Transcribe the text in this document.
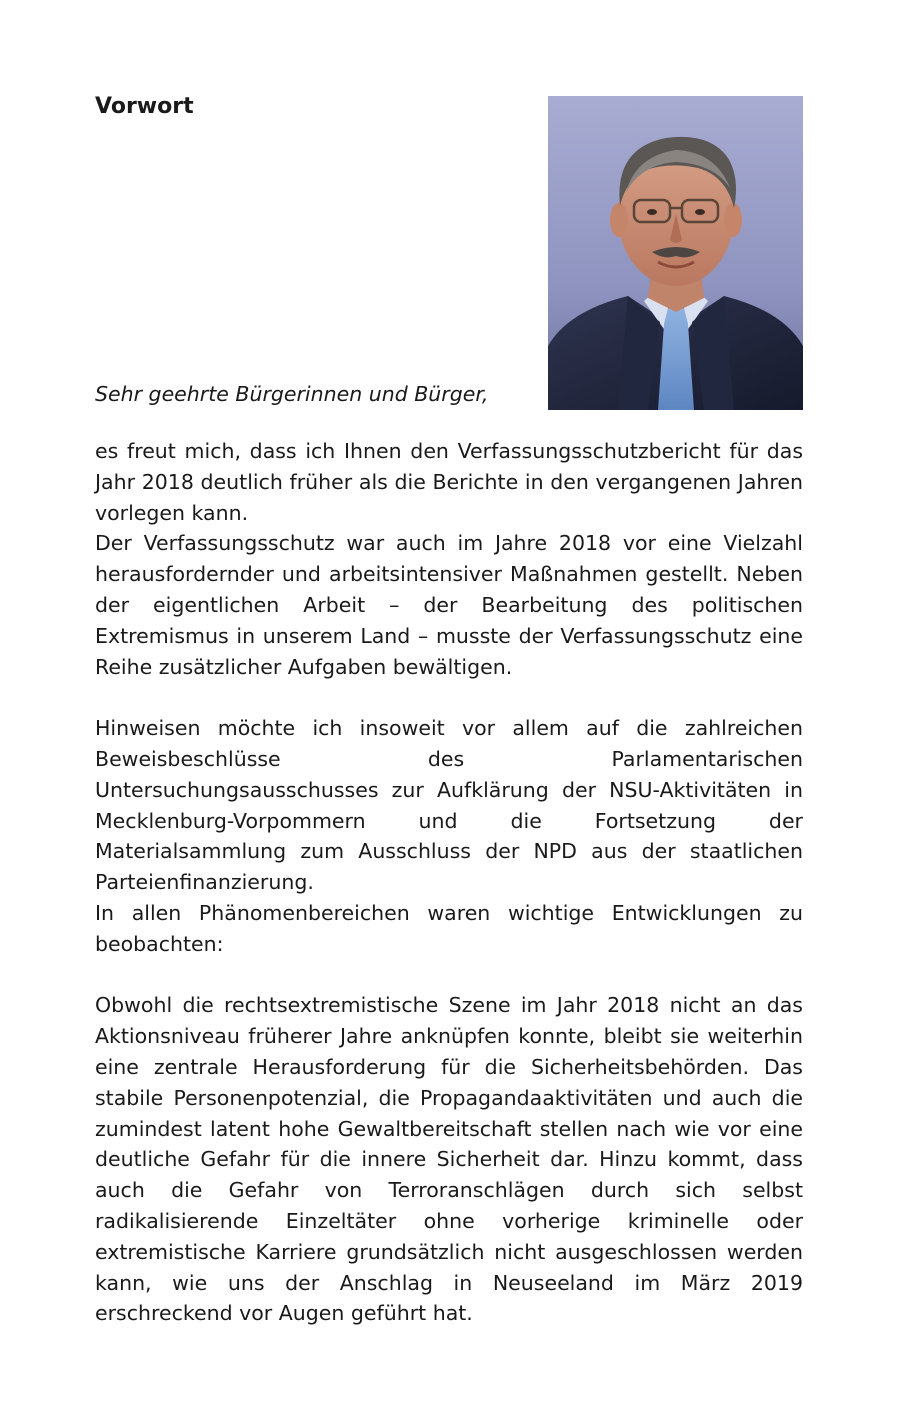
Vorwort

Sehr geehrte Bürgerinnen und Bürger,

es freut mich, dass ich Ihnen den Verfassungsschutzbericht für das Jahr 2018 deutlich früher als die Berichte in den vergangenen Jahren vorlegen kann.

Der Verfassungsschutz war auch im Jahre 2018 vor eine Vielzahl herausfordernder und arbeitsintensiver Maßnahmen gestellt. Neben der eigentlichen Arbeit – der Bearbeitung des politischen Extremismus in unserem Land – musste der Verfassungsschutz eine Reihe zusätzlicher Aufgaben bewältigen.

Hinweisen möchte ich insoweit vor allem auf die zahlreichen Beweisbeschlüsse des Parlamentarischen Untersuchungsausschusses zur Aufklärung der NSU-Aktivitäten in Mecklenburg-Vorpommern und die Fortsetzung der Materialsammlung zum Ausschluss der NPD aus der staatlichen Parteienfinanzierung.

In allen Phänomenbereichen waren wichtige Entwicklungen zu beobachten:

Obwohl die rechtsextremistische Szene im Jahr 2018 nicht an das Aktionsniveau früherer Jahre anknüpfen konnte, bleibt sie weiterhin eine zentrale Herausforderung für die Sicherheitsbehörden. Das stabile Personenpotenzial, die Propagandaaktivitäten und auch die zumindest latent hohe Gewaltbereitschaft stellen nach wie vor eine deutliche Gefahr für die innere Sicherheit dar. Hinzu kommt, dass auch die Gefahr von Terroranschlägen durch sich selbst radikalisierende Einzeltäter ohne vorherige kriminelle oder extremistische Karriere grundsätzlich nicht ausgeschlossen werden kann, wie uns der Anschlag in Neuseeland im März 2019 erschreckend vor Augen geführt hat.
